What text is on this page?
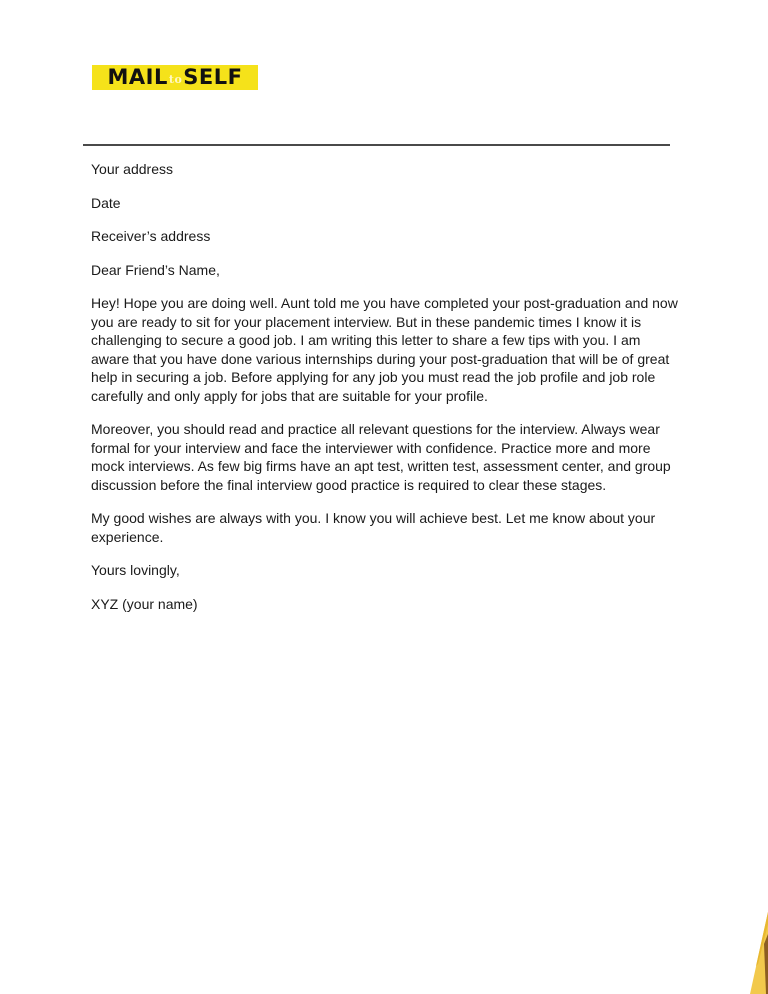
MAIL to SELF

Your address

Date

Receiver’s address

Dear Friend’s Name,

Hey! Hope you are doing well. Aunt told me you have completed your post-graduation and now you are ready to sit for your placement interview. But in these pandemic times I know it is challenging to secure a good job. I am writing this letter to share a few tips with you. I am aware that you have done various internships during your post-graduation that will be of great help in securing a job. Before applying for any job you must read the job profile and job role carefully and only apply for jobs that are suitable for your profile.

Moreover, you should read and practice all relevant questions for the interview. Always wear formal for your interview and face the interviewer with confidence. Practice more and more mock interviews. As few big firms have an apt test, written test, assessment center, and group discussion before the final interview good practice is required to clear these stages.

My good wishes are always with you. I know you will achieve best. Let me know about your experience.

Yours lovingly,

XYZ (your name)
